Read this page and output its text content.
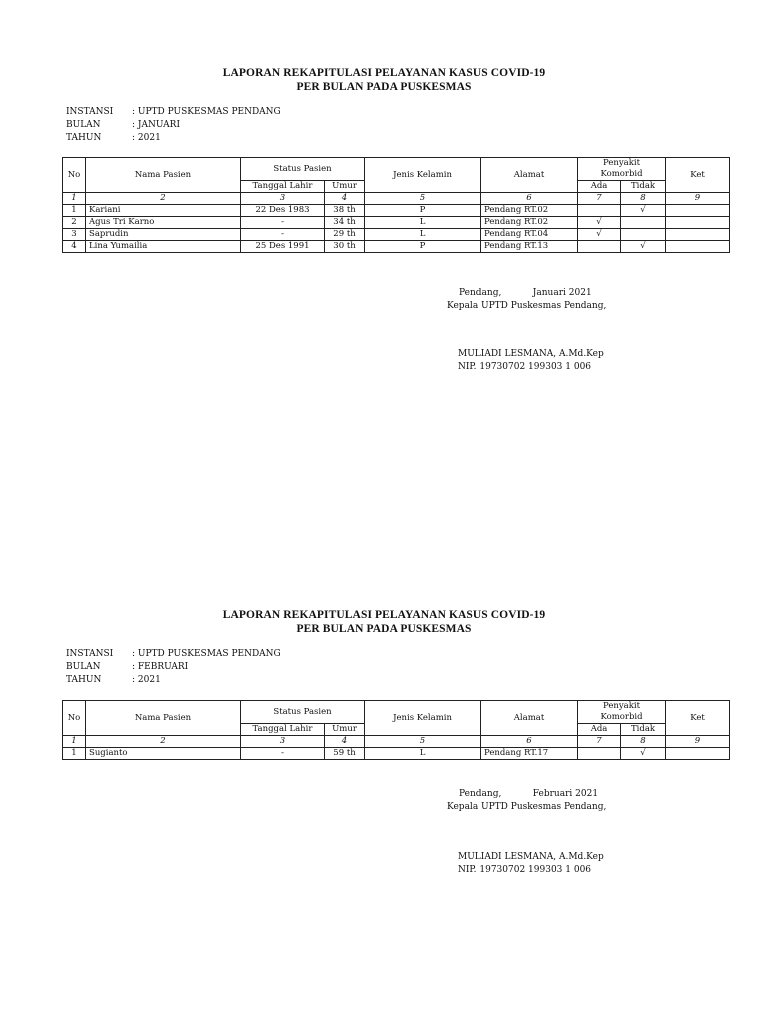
LAPORAN REKAPITULASI PELAYANAN KASUS COVID-19
PER BULAN PADA PUSKESMAS
INSTANSI : UPTD PUSKESMAS PENDANG
BULAN	: JANUARI
TAHUN	: 2021
No	Nama Pasien	Status Pasien		Jenis Kelamin	Alamat	Penyakit Komorbid		Ket
		Tanggal Lahir	Umur			Ada	Tidak	
1	2	3	4	5	6	7	8	9
1	Kariani	22 Des 1983	38 th	P	Pendang RT.02		√	
2	Agus Tri Karno	-	34 th	L	Pendang RT.02	√		
3	Saprudin	-	29 th	L	Pendang RT.04	√		
4	Lina Yumailia	25 Des 1991	30 th	P	Pendang RT.13		√	
Pendang,           Januari 2021
Kepala UPTD Puskesmas Pendang,
MULIADI LESMANA, A.Md.Kep
NIP. 19730702 199303 1 006
LAPORAN REKAPITULASI PELAYANAN KASUS COVID-19
PER BULAN PADA PUSKESMAS
INSTANSI : UPTD PUSKESMAS PENDANG
BULAN	: FEBRUARI
TAHUN	: 2021
No	Nama Pasien	Status Pasien		Jenis Kelamin	Alamat	Penyakit Komorbid		Ket
		Tanggal Lahir	Umur			Ada	Tidak	
1	2	3	4	5	6	7	8	9
1	Sugianto	-	59 th	L	Pendang RT.17		√	
Pendang,           Februari 2021
Kepala UPTD Puskesmas Pendang,
MULIADI LESMANA, A.Md.Kep
NIP. 19730702 199303 1 006
